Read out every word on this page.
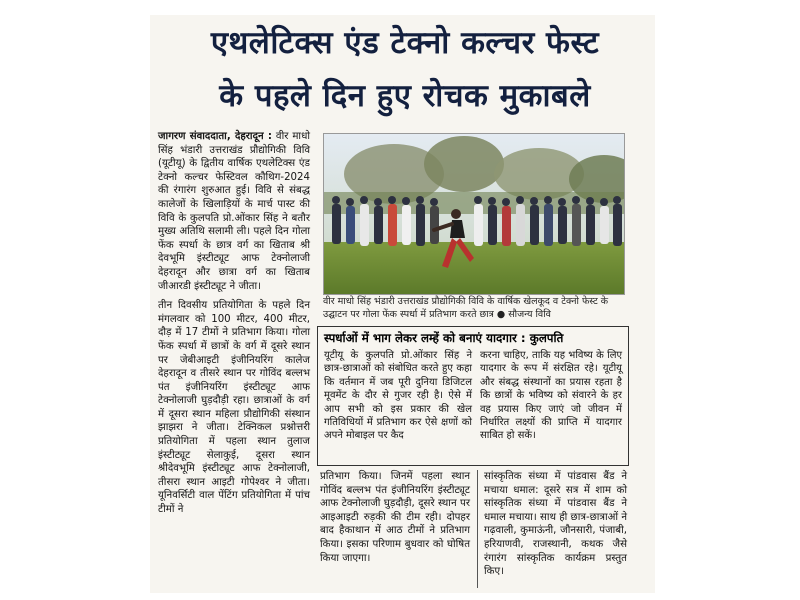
एथलेटिक्स एंड टेक्नो कल्चर फेस्ट
के पहले दिन हुए रोचक मुकाबले

जागरण संवाददाता, देहरादून : वीर माधो सिंह भंडारी उत्तराखंड प्रौद्योगिकी विवि (यूटीयू) के द्वितीय वार्षिक एथलेटिक्स एंड टेक्नो कल्चर फेस्टिवल कौथिग-2024 की रंगारंग शुरुआत हुई। विवि से संबद्ध कालेजों के खिलाड़ियों के मार्च पास्ट की विवि के कुलपति प्रो.ओंकार सिंह ने बतौर मुख्य अतिथि सलामी ली। पहले दिन गोला फेंक स्पर्धा के छात्र वर्ग का खिताब श्री देवभूमि इंस्टीट्यूट आफ टेक्नोलाजी देहरादून और छात्रा वर्ग का खिताब जीआरडी इंस्टीट्यूट ने जीता।

तीन दिवसीय प्रतियोगिता के पहले दिन मंगलवार को 100 मीटर, 400 मीटर, दौड़ में 17 टीमों ने प्रतिभाग किया। गोला फेंक स्पर्धा में छात्रों के वर्ग में दूसरे स्थान पर जेबीआइटी इंजीनियरिंग कालेज देहरादून व तीसरे स्थान पर गोविंद बल्लभ पंत इंजीनियरिंग इंस्टीट्यूट आफ टेक्नोलाजी घुड़दौड़ी रहा। छात्राओं के वर्ग में दूसरा स्थान महिला प्रौद्योगिकी संस्थान झाझरा ने जीता। टेक्निकल प्रश्नोत्तरी प्रतियोगिता में पहला स्थान तुलाज इंस्टीट्यूट सेलाकुई, दूसरा स्थान श्रीदेवभूमि इंस्टीट्यूट आफ टेक्नोलाजी, तीसरा स्थान आइटी गोपेश्वर ने जीता। यूनिवर्सिटी वाल पेंटिंग प्रतियोगिता में पांच टीमों ने

वीर माधो सिंह भंडारी उत्तराखंड प्रौद्योगिकी विवि के वार्षिक खेलकूद व टेक्नो फेस्ट के उद्घाटन पर गोला फेंक स्पर्धा में प्रतिभाग करते छात्र ● सौजन्य विवि
स्पर्धाओं में भाग लेकर लम्हें को बनाएं यादगार : कुलपति
यूटीयू के कुलपति प्रो.ओंकार सिंह ने छात्र-छात्राओं को संबोधित करते हुए कहा कि वर्तमान में जब पूरी दुनिया डिजिटल मूवमेंट के दौर से गुजर रही है। ऐसे में आप सभी को इस प्रकार की खेल गतिविधियों में प्रतिभाग कर ऐसे क्षणों को अपने मोबाइल पर कैद
करना चाहिए, ताकि यह भविष्य के लिए यादगार के रूप में संरक्षित रहे। यूटीयू और संबद्ध संस्थानों का प्रयास रहता है कि छात्रों के भविष्य को संवारने के हर वह प्रयास किए जाएं जो जीवन में निर्धारित लक्ष्यों की प्राप्ति में यादगार साबित हो सकें।
प्रतिभाग किया। जिनमें पहला स्थान गोविंद बल्लभ पंत इंजीनियरिंग इंस्टीट्यूट आफ टेक्नोलाजी घुड़दौड़ी, दूसरे स्थान पर आइआइटी रुड़की की टीम रही। दोपहर बाद हैकाथान में आठ टीमों ने प्रतिभाग किया। इसका परिणाम बुधवार को घोषित किया जाएगा।
सांस्कृतिक संध्या में पांडवास बैंड ने मचाया धमाल: दूसरे सत्र में शाम को सांस्कृतिक संध्या में पांडवास बैंड ने धमाल मचाया। साथ ही छात्र-छात्राओं ने गढ़वाली, कुमाऊंनी, जौनसारी, पंजाबी, हरियाणवी, राजस्थानी, कथक जैसे रंगारंग सांस्कृतिक कार्यक्रम प्रस्तुत किए।
